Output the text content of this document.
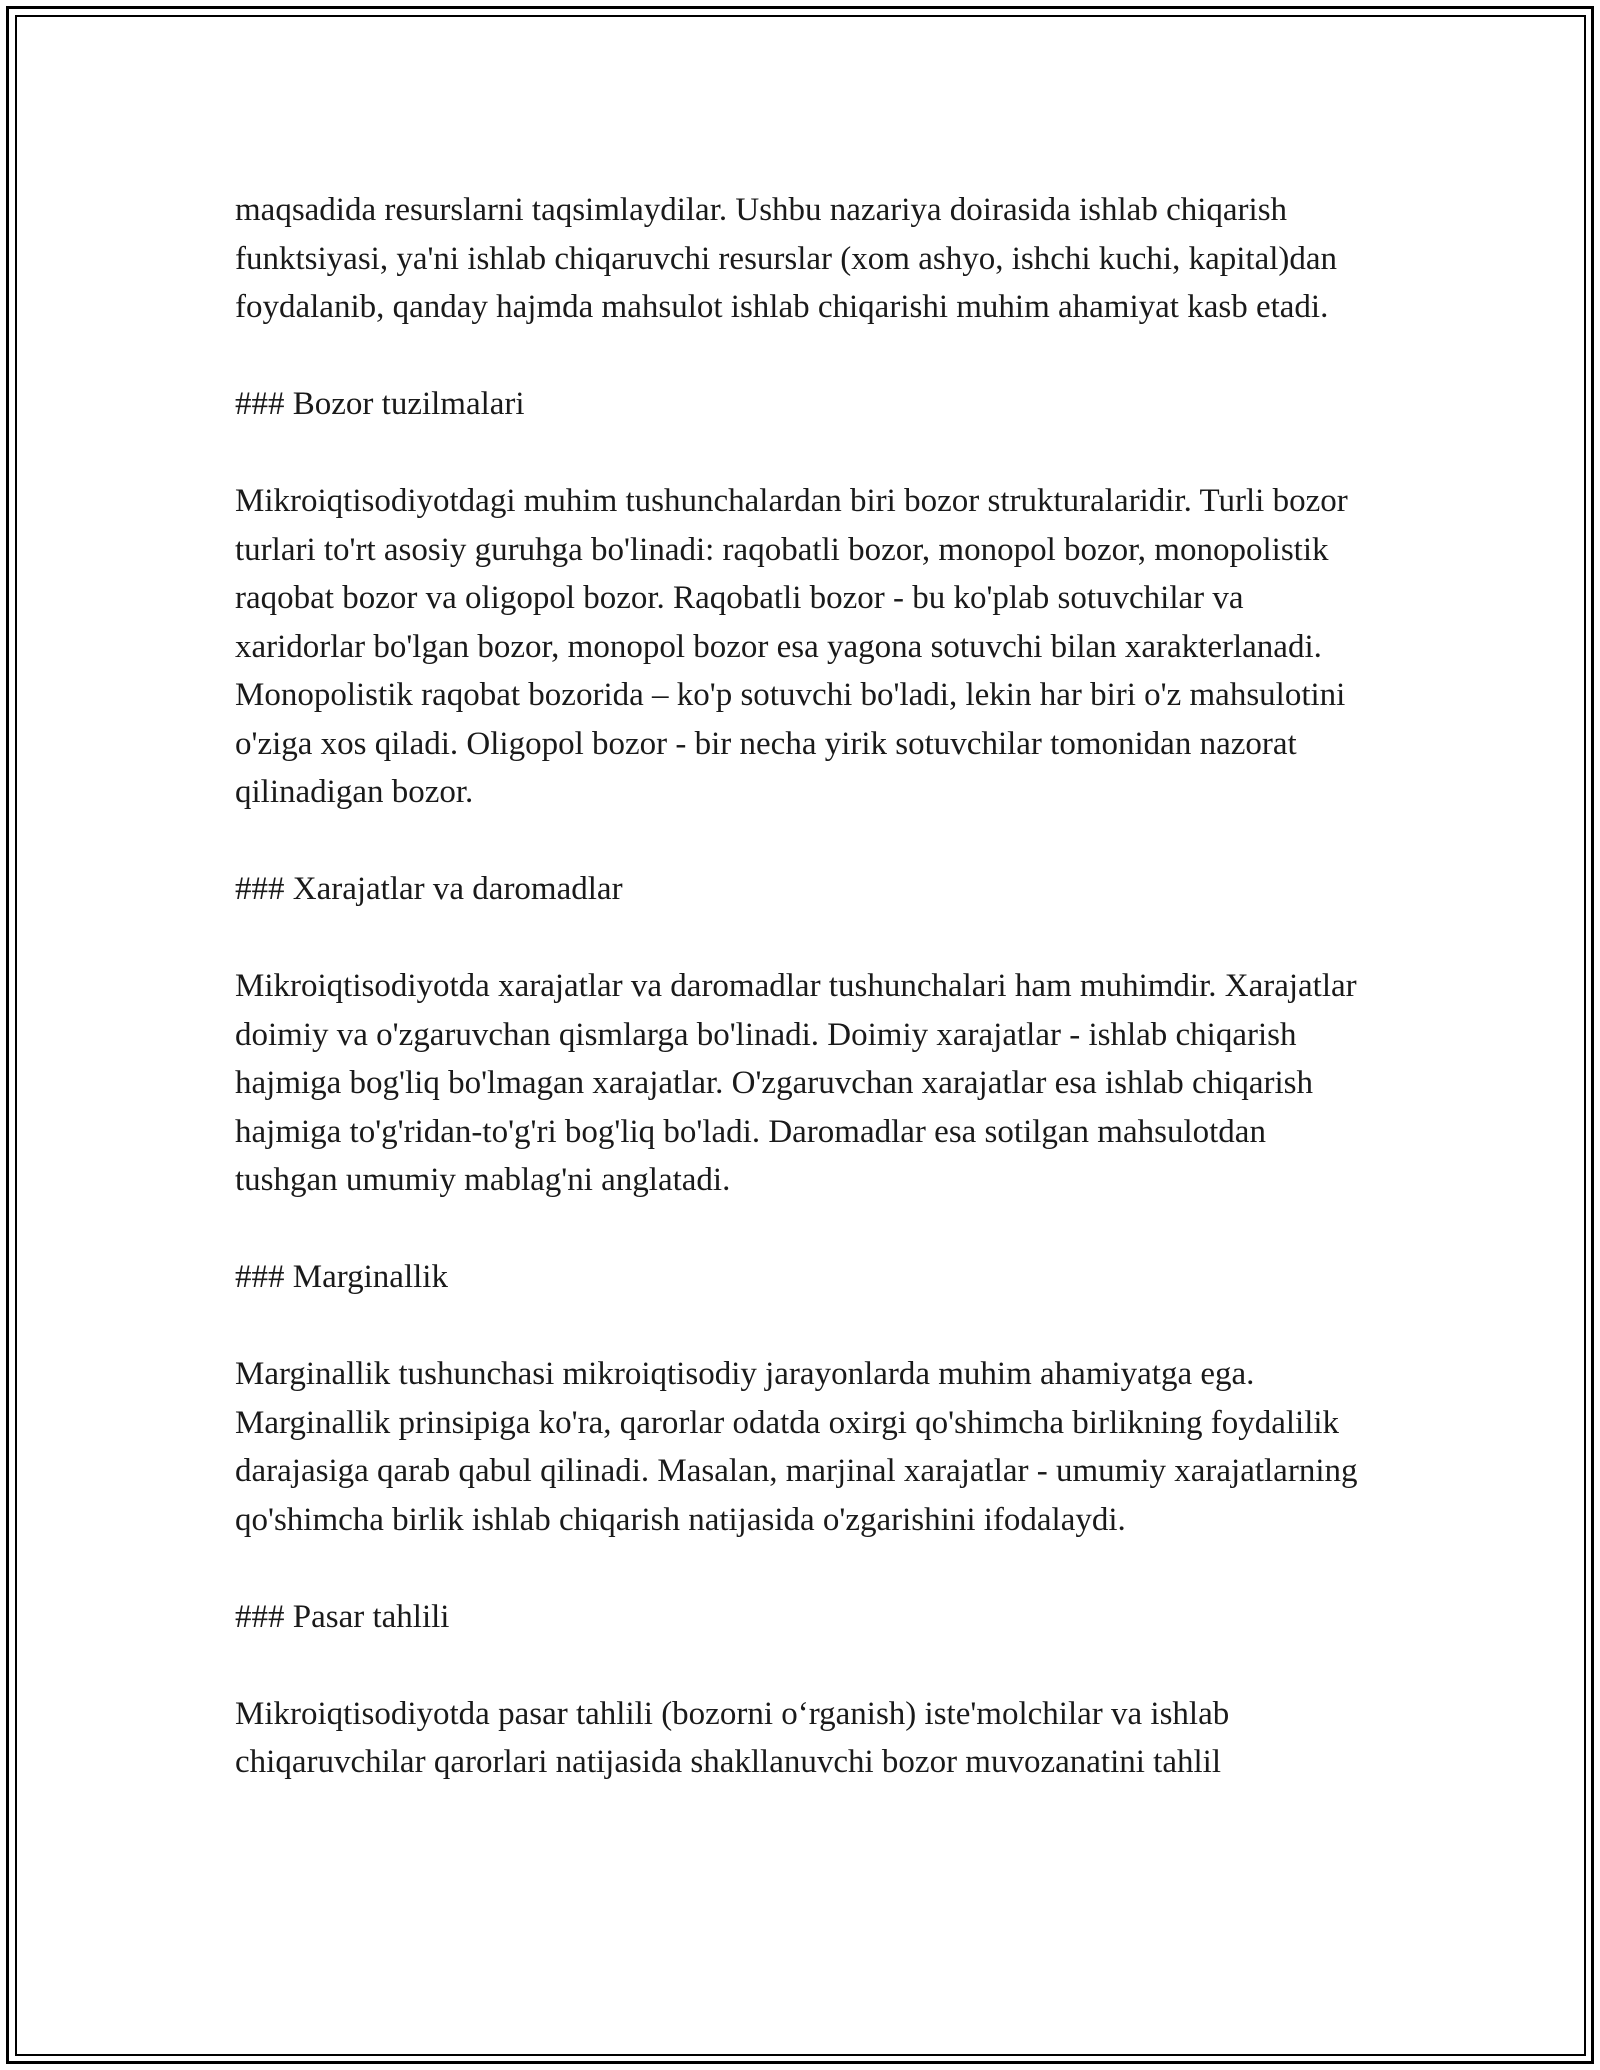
maqsadida resurslarni taqsimlaydilar. Ushbu nazariya doirasida ishlab chiqarish funktsiyasi, ya'ni ishlab chiqaruvchi resurslar (xom ashyo, ishchi kuchi, kapital)dan foydalanib, qanday hajmda mahsulot ishlab chiqarishi muhim ahamiyat kasb etadi.

### Bozor tuzilmalari

Mikroiqtisodiyotdagi muhim tushunchalardan biri bozor strukturalaridir. Turli bozor turlari to'rt asosiy guruhga bo'linadi: raqobatli bozor, monopol bozor, monopolistik raqobat bozor va oligopol bozor. Raqobatli bozor - bu ko'plab sotuvchilar va xaridorlar bo'lgan bozor, monopol bozor esa yagona sotuvchi bilan xarakterlanadi. Monopolistik raqobat bozorida – ko'p sotuvchi bo'ladi, lekin har biri o'z mahsulotini o'ziga xos qiladi. Oligopol bozor - bir necha yirik sotuvchilar tomonidan nazorat qilinadigan bozor.

### Xarajatlar va daromadlar

Mikroiqtisodiyotda xarajatlar va daromadlar tushunchalari ham muhimdir. Xarajatlar doimiy va o'zgaruvchan qismlarga bo'linadi. Doimiy xarajatlar - ishlab chiqarish hajmiga bog'liq bo'lmagan xarajatlar. O'zgaruvchan xarajatlar esa ishlab chiqarish hajmiga to'g'ridan-to'g'ri bog'liq bo'ladi. Daromadlar esa sotilgan mahsulotdan tushgan umumiy mablag'ni anglatadi.

### Marginallik

Marginallik tushunchasi mikroiqtisodiy jarayonlarda muhim ahamiyatga ega. Marginallik prinsipiga ko'ra, qarorlar odatda oxirgi qo'shimcha birlikning foydalilik darajasiga qarab qabul qilinadi. Masalan, marjinal xarajatlar - umumiy xarajatlarning qo'shimcha birlik ishlab chiqarish natijasida o'zgarishini ifodalaydi.

### Pasar tahlili

Mikroiqtisodiyotda pasar tahlili (bozorni o‘rganish) iste'molchilar va ishlab chiqaruvchilar qarorlari natijasida shakllanuvchi bozor muvozanatini tahlil
